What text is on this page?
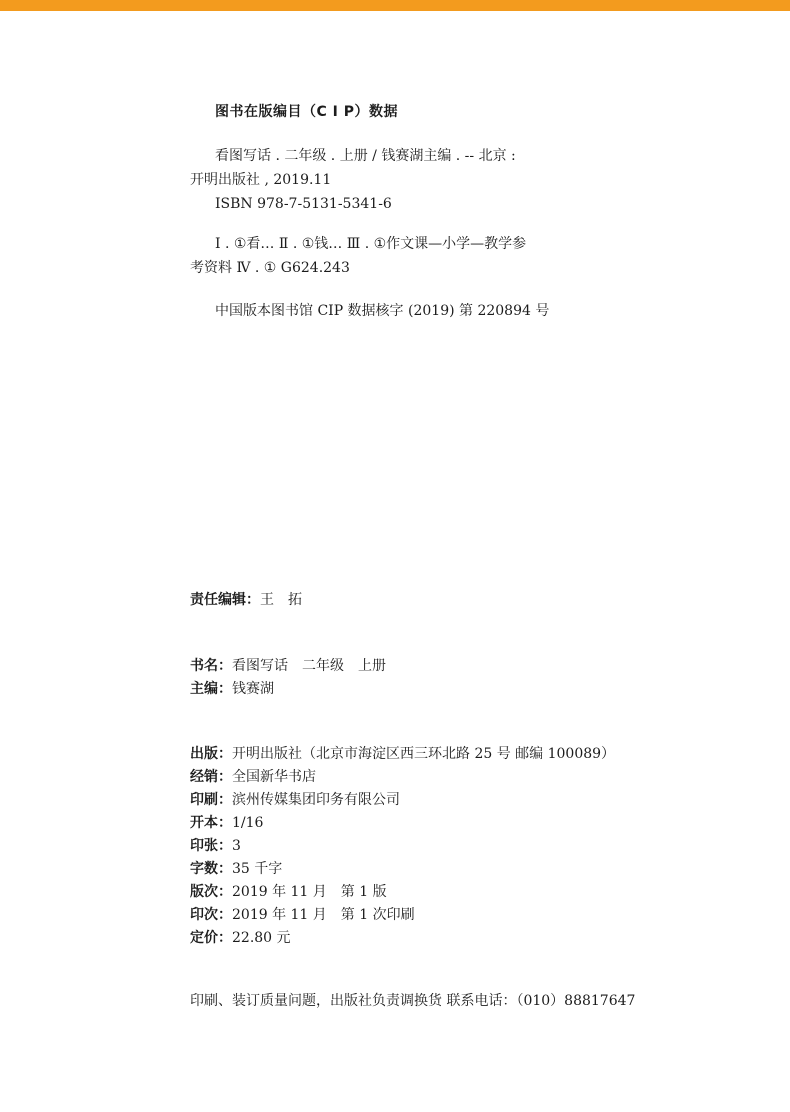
图书在版编目（C I P）数据
看图写话 . 二年级 . 上册 / 钱赛湖主编 . -- 北京 :
开明出版社 , 2019.11
ISBN 978-7-5131-5341-6
Ⅰ . ①看… Ⅱ . ①钱… Ⅲ . ①作文课—小学—教学参
考资料 Ⅳ . ① G624.243
中国版本图书馆 CIP 数据核字 (2019) 第 220894 号
责任编辑：王　拓
书名：看图写话　二年级　上册
主编：钱赛湖
出版：开明出版社（北京市海淀区西三环北路 25 号 邮编 100089）
经销：全国新华书店
印刷：滨州传媒集团印务有限公司
开本：1/16
印张：3
字数：35 千字
版次：2019 年 11 月　第 1 版
印次：2019 年 11 月　第 1 次印刷
定价：22.80 元
印刷、装订质量问题，出版社负责调换货 联系电话：（010）88817647
